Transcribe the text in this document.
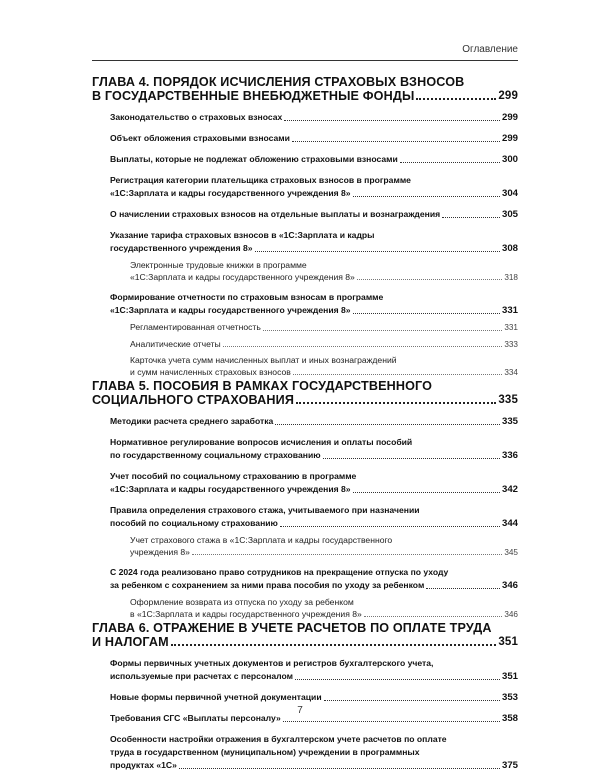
Оглавление
ГЛАВА 4. ПОРЯДОК ИСЧИСЛЕНИЯ СТРАХОВЫХ ВЗНОСОВ
В ГОСУДАРСТВЕННЫЕ ВНЕБЮДЖЕТНЫЕ ФОНДЫ	299
Законодательство о страховых взносах	299
Объект обложения страховыми взносами	299
Выплаты, которые не подлежат обложению страховыми взносами	300
Регистрация категории плательщика страховых взносов в программе
«1С:Зарплата и кадры государственного учреждения 8»	304
О начислении страховых взносов на отдельные выплаты и вознаграждения	305
Указание тарифа страховых взносов в «1С:Зарплата и кадры
государственного учреждения 8»	308
Электронные трудовые книжки в программе
«1С:Зарплата и кадры государственного учреждения 8»	318
Формирование отчетности по страховым взносам в программе
«1С:Зарплата и кадры государственного учреждения 8»	331
Регламентированная отчетность	331
Аналитические отчеты	333
Карточка учета сумм начисленных выплат и иных вознаграждений
и сумм начисленных страховых взносов	334
ГЛАВА 5. ПОСОБИЯ В РАМКАХ ГОСУДАРСТВЕННОГО
СОЦИАЛЬНОГО СТРАХОВАНИЯ	335
Методики расчета среднего заработка	335
Нормативное регулирование вопросов исчисления и оплаты пособий
по государственному социальному страхованию	336
Учет пособий по социальному страхованию в программе
«1С:Зарплата и кадры государственного учреждения 8»	342
Правила определения страхового стажа, учитываемого при назначении
пособий по социальному страхованию	344
Учет страхового стажа в «1С:Зарплата и кадры государственного
учреждения 8»	345
С 2024 года реализовано право сотрудников на прекращение отпуска по уходу
за ребенком с сохранением за ними права пособия по уходу за ребенком	346
Оформление возврата из отпуска по уходу за ребенком
в «1С:Зарплата и кадры государственного учреждения 8»	346
ГЛАВА 6. ОТРАЖЕНИЕ В УЧЕТЕ РАСЧЕТОВ ПО ОПЛАТЕ ТРУДА
И НАЛОГАМ	351
Формы первичных учетных документов и регистров бухгалтерского учета,
используемые при расчетах с персоналом	351
Новые формы первичной учетной документации	353
Требования СГС «Выплаты персоналу»	358
Особенности настройки отражения в бухгалтерском учете расчетов по оплате
труда в государственном (муниципальном) учреждении в программных
продуктах «1С»	375
7
